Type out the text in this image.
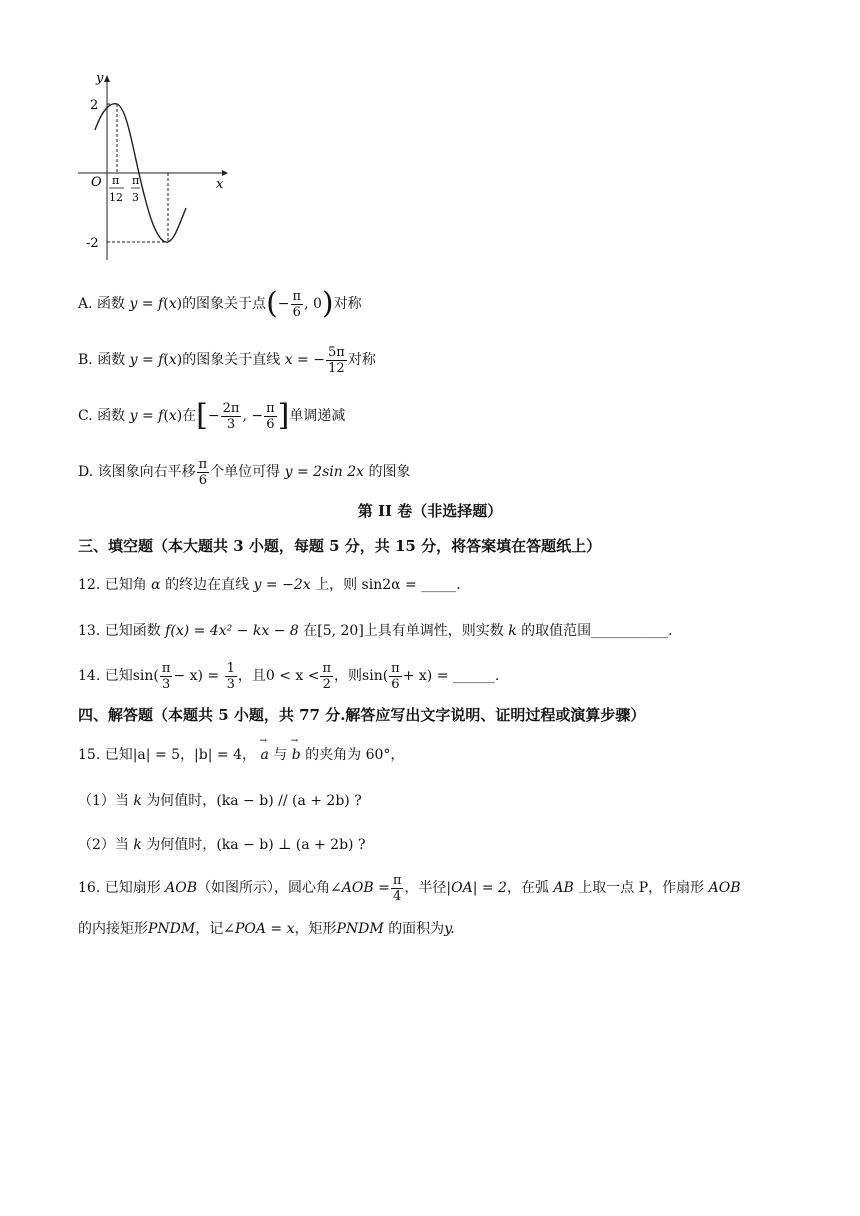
y
x
O
2
-2
π
12
π
3
A. 函数 y = f(x)的图象关于点(− $\frac{\pi}{6}$ , 0)对称
B. 函数 y = f(x)的图象关于直线 x = − $\frac{5\pi}{12}$ 对称
C. 函数 y = f(x)在[− $\frac{2\pi}{3}$ , − $\frac{\pi}{6}$ ]单调递减
D. 该图象向右平移 $\frac{\pi}{6}$ 个单位可得 y = 2sin 2x 的图象
第 II 卷（非选择题）
三、填空题（本大题共 3 小题，每题 5 分，共 15 分，将答案填在答题纸上）
12. 已知角 α 的终边在直线 y = −2x 上，则 sin2α = _____.
13. 已知函数 f(x) = 4x² − kx − 8 在[5, 20]上具有单调性，则实数 k 的取值范围___________.
14. 已知$\sin( \frac{\pi}{3} - x) = \frac{1}{3}$ ，且$0 < x < \frac{\pi}{2}$ ，则$\sin( \frac{\pi}{6} + x)$ = ______.
四、解答题（本题共 5 小题，共 77 分.解答应写出文字说明、证明过程或演算步骤）
15. 已知|a| = 5，|b| = 4， → a 与 → b 的夹角为 60°，
（1）当 k 为何值时，(ka − b) // (a + 2b) ?
（2）当 k 为何值时，(ka − b) ⊥ (a + 2b) ?
16. 已知扇形 AOB（如图所示），圆心角∠AOB = $\frac{\pi}{4}$ ，半径|OA| = 2，在弧 AB 上取一点 P，作扇形 AOB
的内接矩形PNDM，记∠POA = x，矩形PNDM 的面积为y.
